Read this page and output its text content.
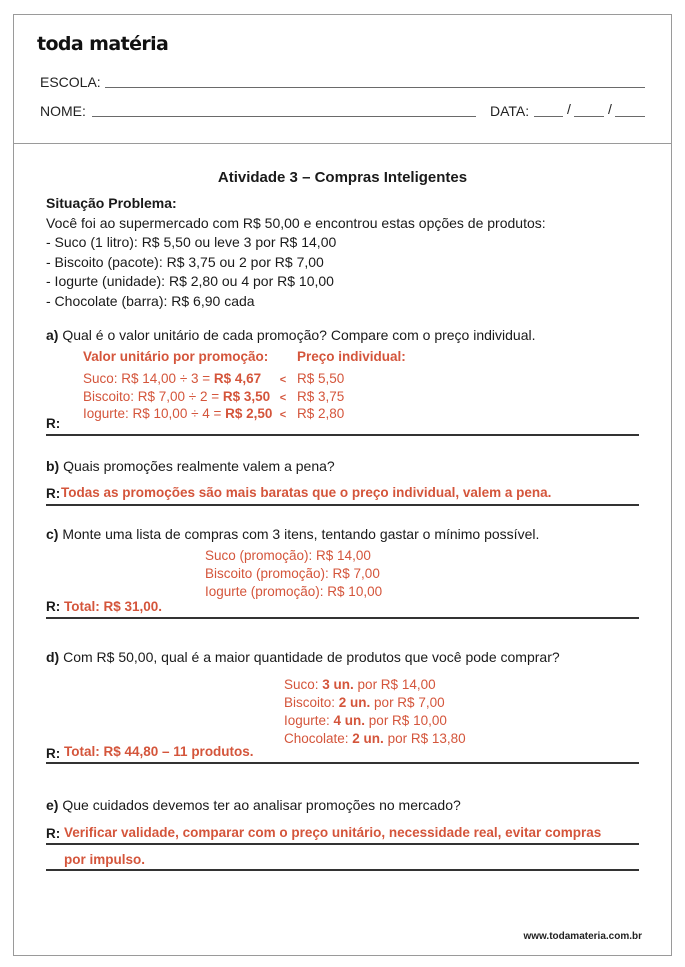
toda matéria
ESCOLA:
NOME:	DATA:	/	/
Atividade 3 – Compras Inteligentes
Situação Problema:
Você foi ao supermercado com R$ 50,00 e encontrou estas opções de produtos:
- Suco (1 litro): R$ 5,50 ou leve 3 por R$ 14,00
- Biscoito (pacote): R$ 3,75 ou 2 por R$ 7,00
- Iogurte (unidade): R$ 2,80 ou 4 por R$ 10,00
- Chocolate (barra): R$ 6,90 cada
a) Qual é o valor unitário de cada promoção? Compare com o preço individual.
Valor unitário por promoção: Preço individual:
Suco: R$ 14,00 ÷ 3 = R$ 4,67	< R$ 5,50
Biscoito: R$ 7,00 ÷ 2 = R$ 3,50 < R$ 3,75
Iogurte: R$ 10,00 ÷ 4 = R$ 2,50 < R$ 2,80
R:
b) Quais promoções realmente valem a pena?
R: Todas as promoções são mais baratas que o preço individual, valem a pena.
c) Monte uma lista de compras com 3 itens, tentando gastar o mínimo possível.
Suco (promoção): R$ 14,00
Biscoito (promoção): R$ 7,00
Iogurte (promoção): R$ 10,00
R: Total: R$ 31,00.
d) Com R$ 50,00, qual é a maior quantidade de produtos que você pode comprar?
Suco: 3 un. por R$ 14,00
Biscoito: 2 un. por R$ 7,00
Iogurte: 4 un. por R$ 10,00
Chocolate: 2 un. por R$ 13,80
R: Total: R$ 44,80 – 11 produtos.
e) Que cuidados devemos ter ao analisar promoções no mercado?
R: Verificar validade, comparar com o preço unitário, necessidade real, evitar compras
por impulso.
www.todamateria.com.br
